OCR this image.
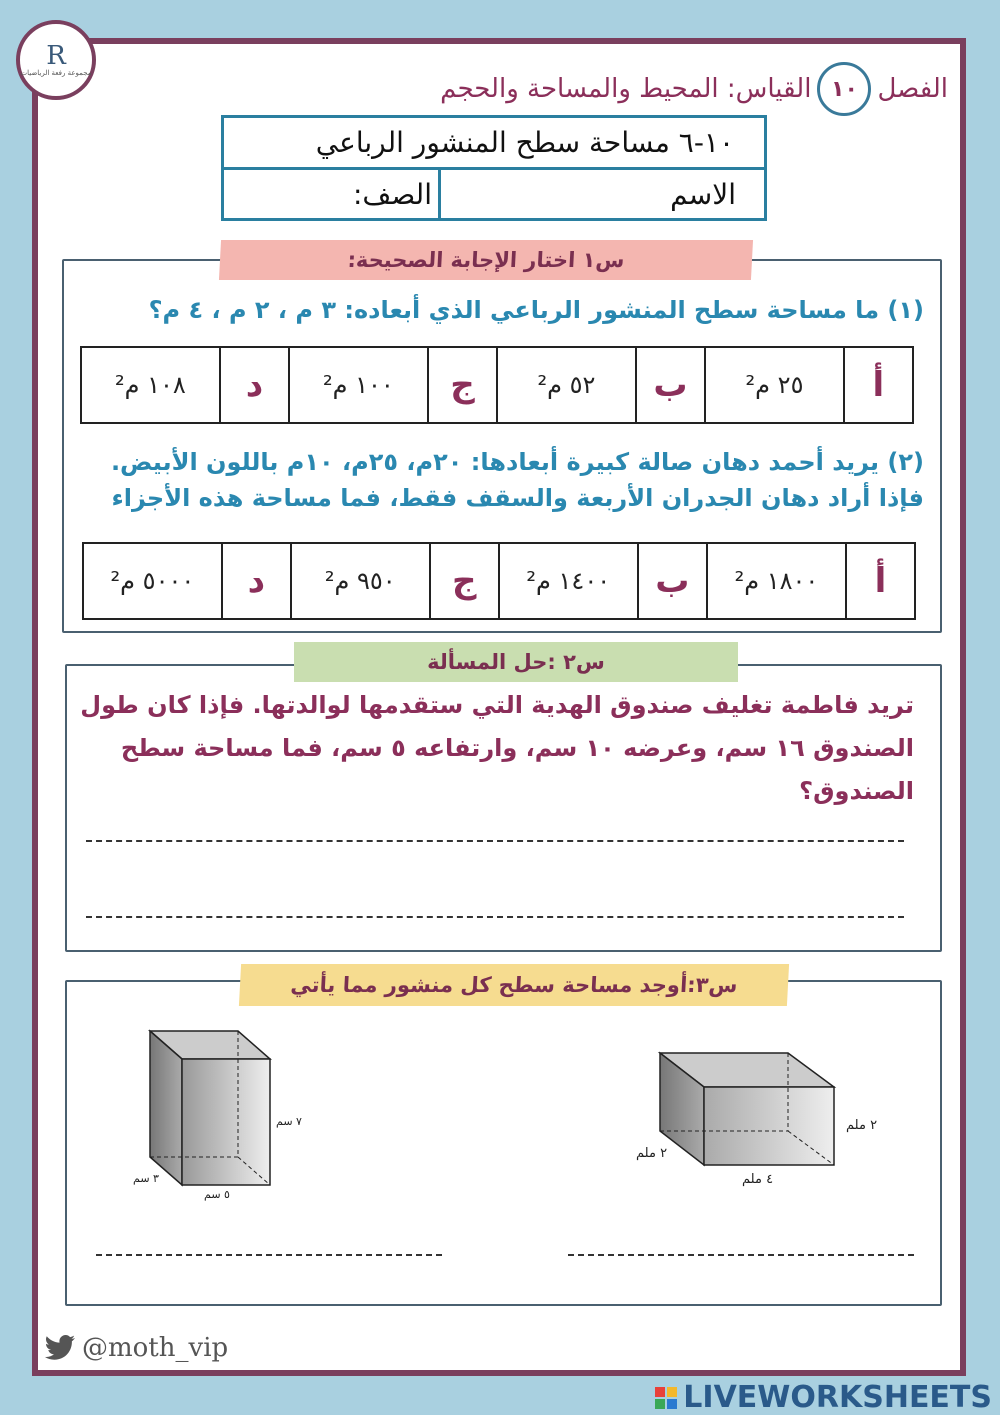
R
مجموعة رفعة الرياضيات
الفصل
١٠
القياس: المحيط والمساحة والحجم
١٠-٦ مساحة سطح المنشور الرباعي
الاسم
الصف:
س١ اختار الإجابة الصحيحة:
(١) ما مساحة سطح المنشور الرباعي الذي أبعاده: ٣ م ، ٢ م ، ٤ م؟
أ	٢٥ م²	ب	٥٢ م²	ج	١٠٠ م²	د	١٠٨ م²
(٢) يريد أحمد دهان صالة كبيرة أبعادها: ٢٠م، ٢٥م، ١٠م باللون الأبيض.
فإذا أراد دهان الجدران الأربعة والسقف فقط، فما مساحة هذه الأجزاء
أ	١٨٠٠ م²	ب	١٤٠٠ م²	ج	٩٥٠ م²	د	٥٠٠٠ م²
س٢ :حل المسألة
تريد فاطمة تغليف صندوق الهدية التي ستقدمها لوالدتها. فإذا كان طول
الصندوق ١٦ سم، وعرضه ١٠ سم، وارتفاعه ٥ سم، فما مساحة سطح
الصندوق؟
س٣:أوجد مساحة سطح كل منشور مما يأتي
٧ سم
٣ سم
٥ سم
٢ ملم
٢ ملم
٤ ملم
@moth_vip
LIVEWORKSHEETS
